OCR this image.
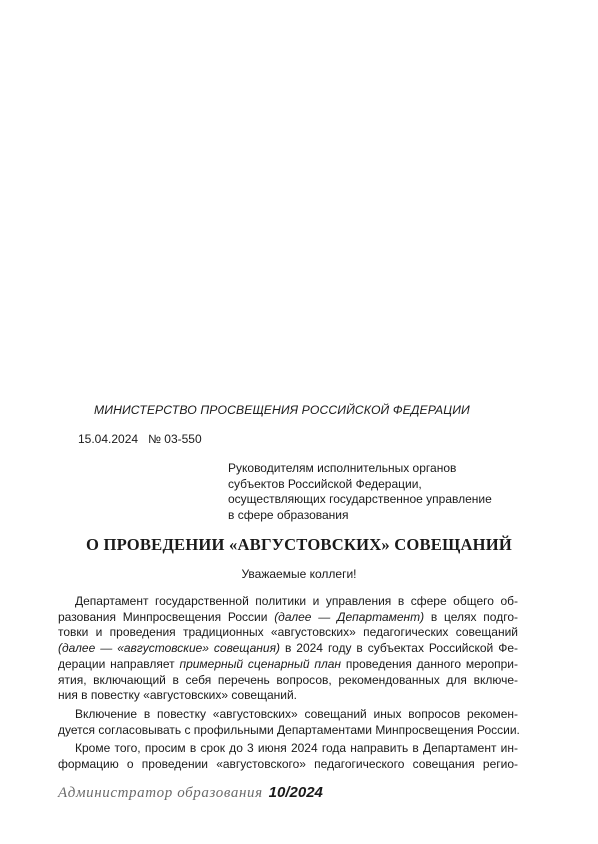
МИНИСТЕРСТВО ПРОСВЕЩЕНИЯ РОССИЙСКОЙ ФЕДЕРАЦИИ
15.04.2024 № 03-550
Руководителям исполнительных органов
субъектов Российской Федерации,
осуществляющих государственное управление
в сфере образования
О ПРОВЕДЕНИИ «АВГУСТОВСКИХ» СОВЕЩАНИЙ
Уважаемые коллеги!
Департамент государственной политики и управления в сфере общего об-
разования Минпросвещения России (далее — Департамент) в целях подго-
товки и проведения традиционных «августовских» педагогических совещаний
(далее — «августовские» совещания) в 2024 году в субъектах Российской Фе-
дерации направляет примерный сценарный план проведения данного меропри-
ятия, включающий в себя перечень вопросов, рекомендованных для включе-
ния в повестку «августовских» совещаний.
Включение в повестку «августовских» совещаний иных вопросов рекомен-
дуется согласовывать с профильными Департаментами Минпросвещения России.
Кроме того, просим в срок до 3 июня 2024 года направить в Департамент ин-
формацию о проведении «августовского» педагогического совещания регио-
Администратор образования 10/2024
